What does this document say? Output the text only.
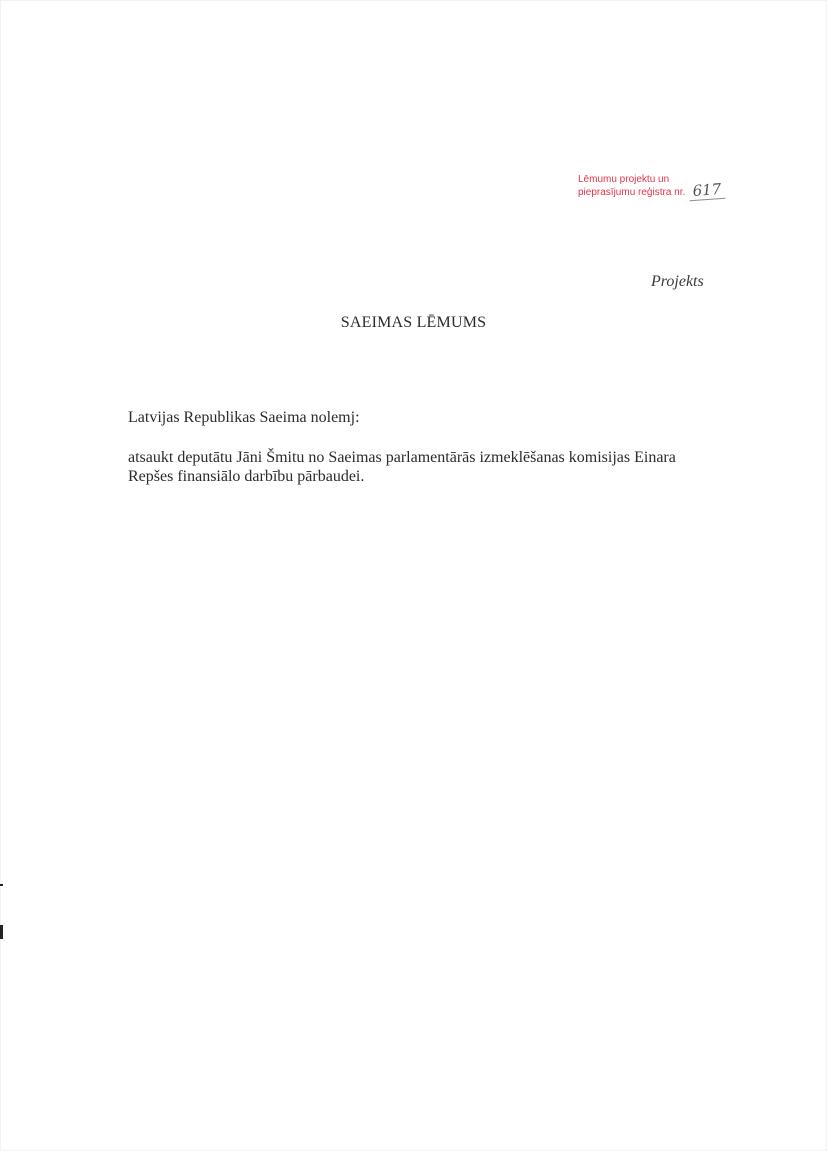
Lēmumu projektu un
pieprasījumu reģistra nr. 617
Projekts
SAEIMAS LĒMUMS
Latvijas Republikas Saeima nolemj:
atsaukt deputātu Jāni Šmitu no Saeimas parlamentārās izmeklēšanas komisijas Einara
Repšes finansiālo darbību pārbaudei.
